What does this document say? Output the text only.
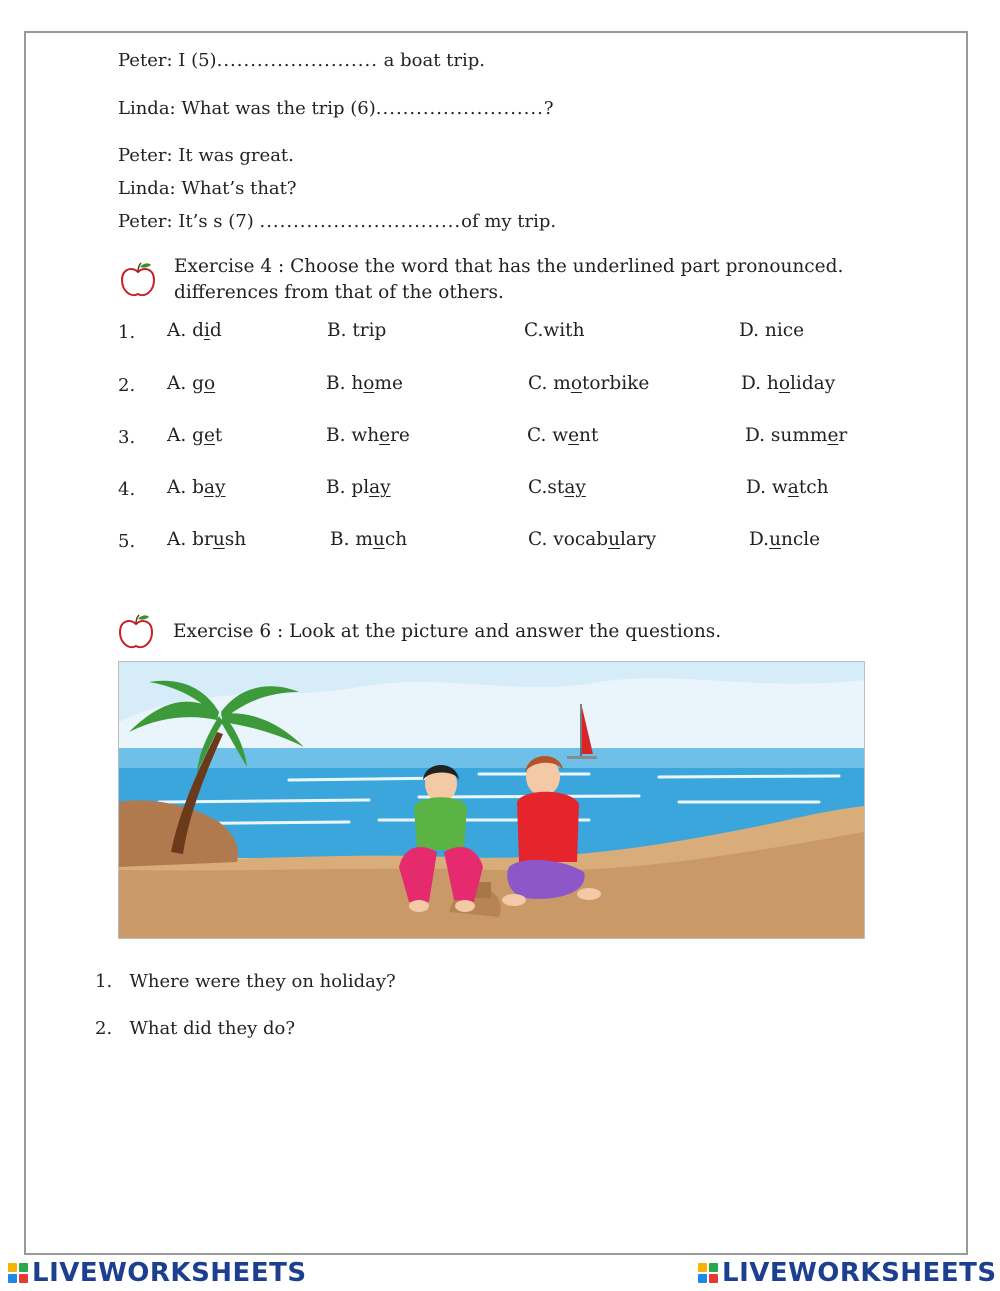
Peter: I (5)........................ a boat trip.
Linda: What was the trip (6).........................?
Peter: It was great.
Linda: What’s that?
Peter: It’s s (7) ..............................of my trip.
Exercise 4 : Choose the word that has the underlined part pronounced.
differences from that of the others.
1. A. did	B. trip	C.with	D. nice
2. A. go	B. home	C. motorbike	D. holiday
3. A. get	B. where	C. went	D. summer
4. A. bay	B. play	C.stay	D. watch
5. A. brush	B. much	C. vocabulary	D.uncle
Exercise 6 : Look at the picture and answer the questions.
1. Where were they on holiday?
2. What did they do?
LIVEWORKSHEETS	LIVEWORKSHEETS
